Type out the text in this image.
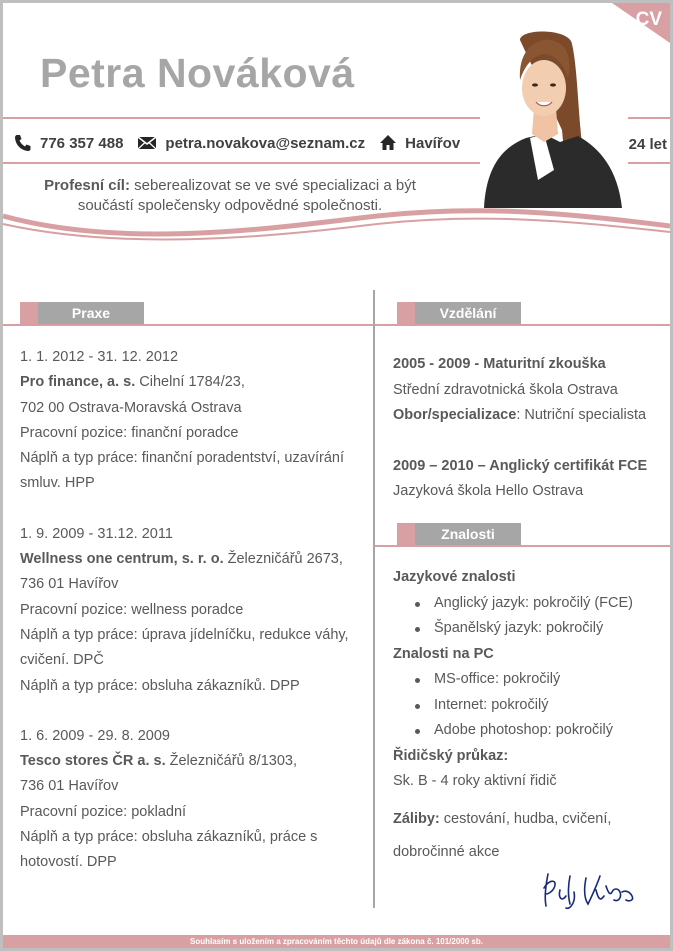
CV
Petra Nováková
776 357 488	petra.novakova@seznam.cz	Havířov	24 let
Profesní cíl: seberealizovat se ve své specializaci a být
součástí společensky odpovědné společnosti.
Praxe	Vzdělání
Znalosti
1. 1. 2012 - 31. 12. 2012
Pro finance, a. s. Cihelní 1784/23,
702 00 Ostrava-Moravská Ostrava
Pracovní pozice: finanční poradce
Náplň a typ práce: finanční poradentství, uzavírání
smluv. HPP
1. 9. 2009 - 31.12. 2011
Wellness one centrum, s. r. o. Železničářů 2673,
736 01 Havířov
Pracovní pozice: wellness poradce
Náplň a typ práce: úprava jídelníčku, redukce váhy,
cvičení. DPČ
Náplň a typ práce: obsluha zákazníků. DPP
1. 6. 2009 - 29. 8. 2009
Tesco stores ČR a. s. Železničářů 8/1303,
736 01 Havířov
Pracovní pozice: pokladní
Náplň a typ práce: obsluha zákazníků, práce s
hotovostí. DPP
2005 - 2009 - Maturitní zkouška
Střední zdravotnická škola Ostrava
Obor/specializace: Nutriční specialista
2009 – 2010 – Anglický certifikát FCE
Jazyková škola Hello Ostrava
Jazykové znalosti
Anglický jazyk: pokročilý (FCE)
Španělský jazyk: pokročilý
Znalosti na PC
MS-office: pokročilý
Internet: pokročilý
Adobe photoshop: pokročilý
Řidičský průkaz:
Sk. B - 4 roky aktivní řidič
Záliby: cestování, hudba, cvičení,
dobročinné akce
Souhlasím s uložením a zpracováním těchto údajů dle zákona č. 101/2000 sb.
